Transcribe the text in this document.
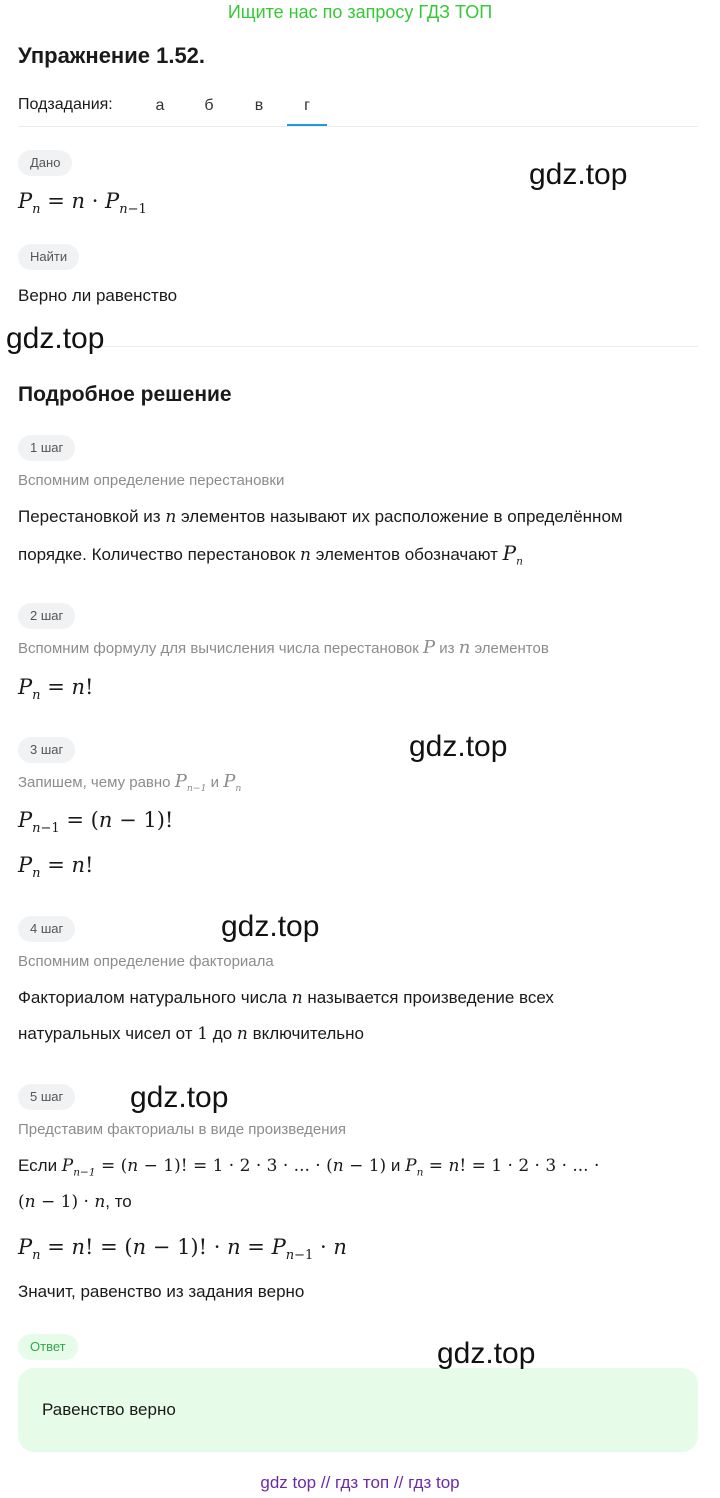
Ищите нас по запросу ГДЗ ТОП
Упражнение 1.52.
Подзадания:	а	б	в	г
Дано
$P_n = n \cdot P_{n-1}$
Найти
Верно ли равенство
Подробное решение
1 шаг
Вспомним определение перестановки
Перестановкой из n элементов называют их расположение в определённом
порядке. Количество перестановок n элементов обозначают $P_n$
2 шаг
Вспомним формулу для вычисления числа перестановок P из n элементов
$P_n = n$!
3 шаг
Запишем, чему равно $P_{n-1}$ и $P_n$
$P_{n-1} = (n - 1)$!
$P_n = n$!
4 шаг
Вспомним определение факториала
Факториалом натурального числа n называется произведение всех
натуральных чисел от 1 до n включительно
5 шаг
Представим факториалы в виде произведения
Если $P_{n-1} = (n - 1)$! = 1 · 2 · 3 · ... · (n − 1) и $P_n = n$! = 1 · 2 · 3 · ... ·
(n − 1) · n, то
$P_n = n$! = (n − 1)! · $n = P_{n-1} \cdot n$
Значит, равенство из задания верно
Ответ
Равенство верно
gdz.top
gdz.top
gdz.top
gdz.top
gdz.top
gdz.top
gdz top // гдз топ // гдз top
